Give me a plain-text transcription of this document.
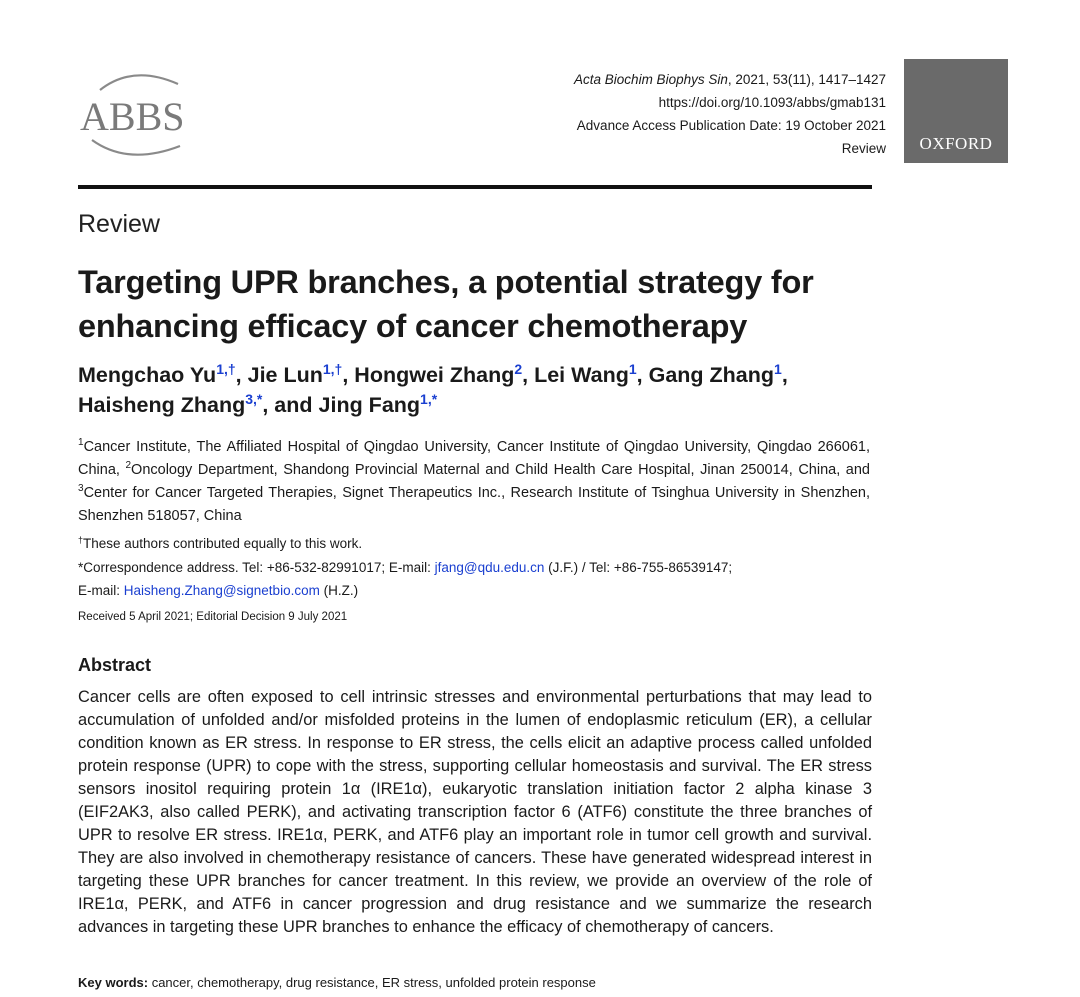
ABBS
Acta Biochim Biophys Sin, 2021, 53(11), 1417–1427
https://doi.org/10.1093/abbs/gmab131
Advance Access Publication Date: 19 October 2021
Review	OXFORD
Review
Targeting UPR branches, a potential strategy for enhancing efficacy of cancer chemotherapy
Mengchao $Yu^{1,\dagger}$, Jie Lun$^{1,\dagger}$, Hongwei Zhang$^2$, Lei Wang$^1$, Gang Zhang$^1$,
Haisheng Zhang$^{3,*}$, and Jing Fang$^{1,*}$
$^1$Cancer Institute, The Affiliated Hospital of Qingdao University, Cancer Institute of Qingdao University, Qingdao 266061, China, $^2$Oncology Department, Shandong Provincial Maternal and Child Health Care Hospital, Jinan 250014, China, and $^3$Center for Cancer Targeted Therapies, Signet Therapeutics Inc., Research Institute of Tsinghua University in Shenzhen, Shenzhen 518057, China
†These authors contributed equally to this work.
*Correspondence address. Tel: +86-532-82991017; E-mail: jfang@qdu.edu.cn (J.F.) / Tel: +86-755-86539147;
E-mail: Haisheng.Zhang@signetbio.com (H.Z.)
Received 5 April 2021; Editorial Decision 9 July 2021
Abstract
Cancer cells are often exposed to cell intrinsic stresses and environmental perturbations that may lead to accumulation of unfolded and/or misfolded proteins in the lumen of endoplasmic reticulum (ER), a cellular condition known as ER stress. In response to ER stress, the cells elicit an adaptive process called unfolded protein response (UPR) to cope with the stress, supporting cellular homeostasis and survival. The ER stress sensors inositol requiring protein 1α (IRE1α), eukaryotic translation initiation factor 2 alpha kinase 3 (EIF2AK3, also called PERK), and activating transcription factor 6 (ATF6) constitute the three branches of UPR to resolve ER stress. IRE1α, PERK, and ATF6 play an important role in tumor cell growth and survival. They are also involved in chemotherapy resistance of cancers. These have generated widespread interest in targeting these UPR branches for cancer treatment. In this review, we provide an overview of the role of IRE1α, PERK, and ATF6 in cancer progression and drug resistance and we summarize the research advances in targeting these UPR branches to enhance the efficacy of chemotherapy of cancers.
Key words: cancer, chemotherapy, drug resistance, ER stress, unfolded protein response
